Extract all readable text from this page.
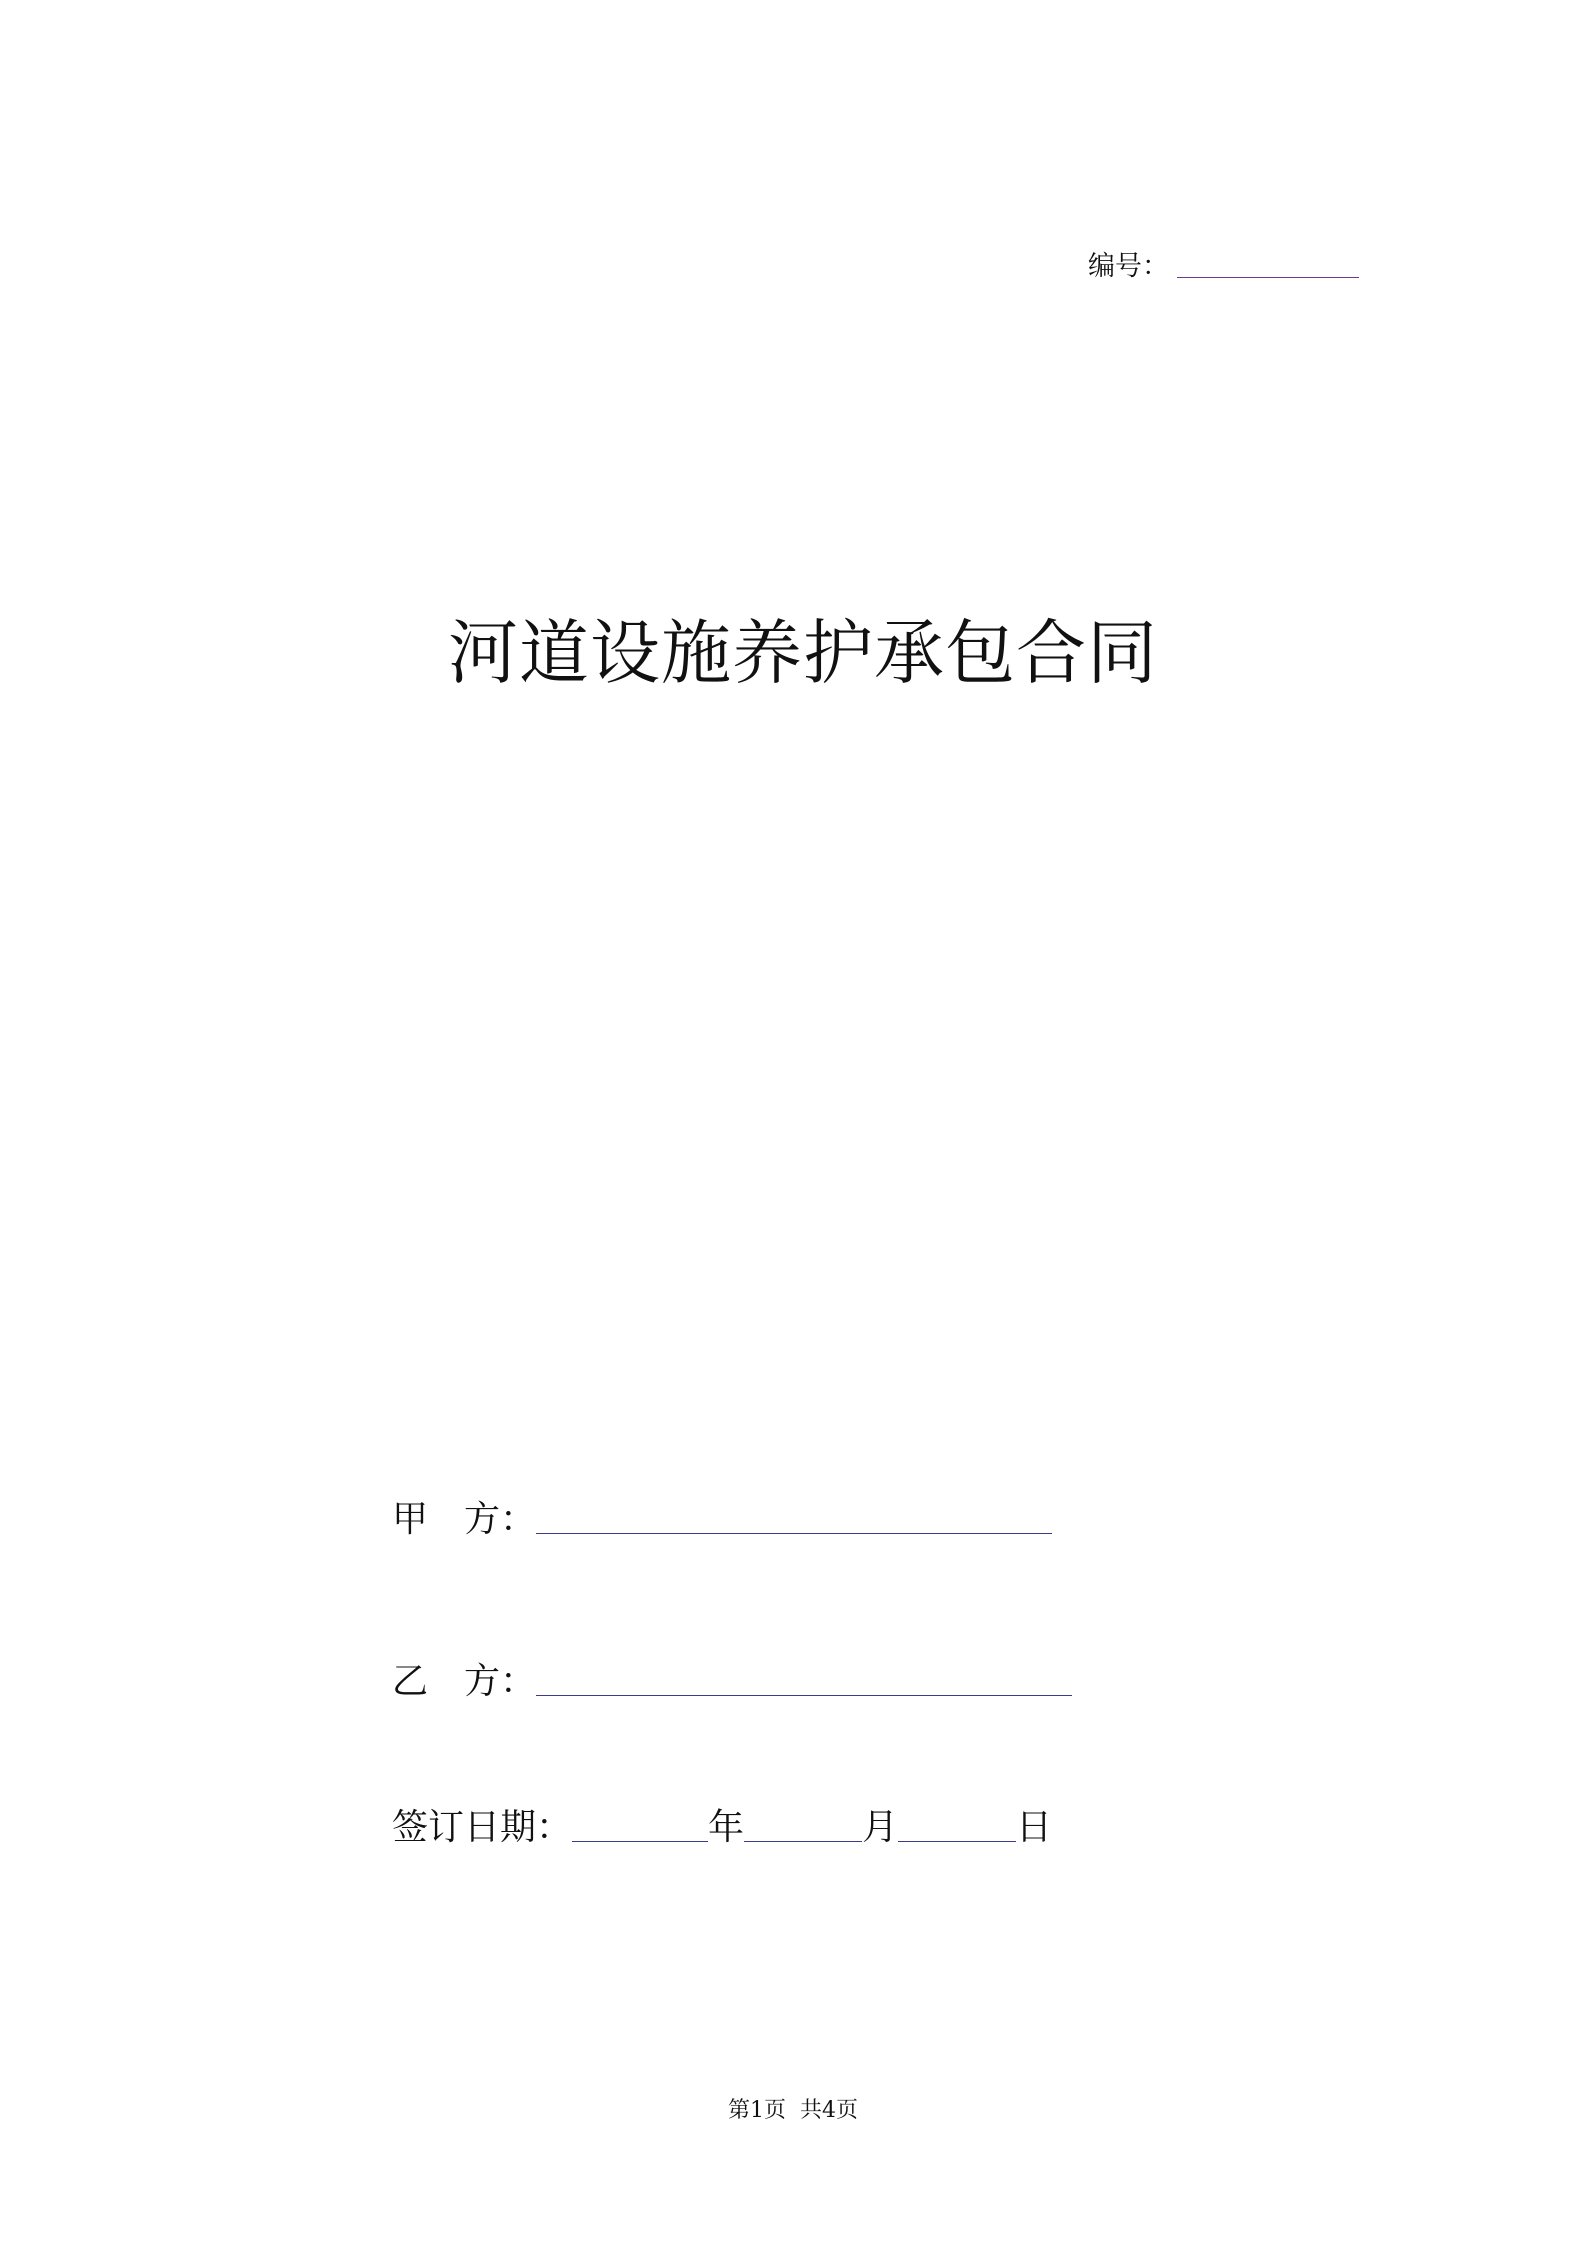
编号：
河道设施养护承包合同
甲 方：
乙 方：
签订日期：	年	月	日
第1页 共4页
